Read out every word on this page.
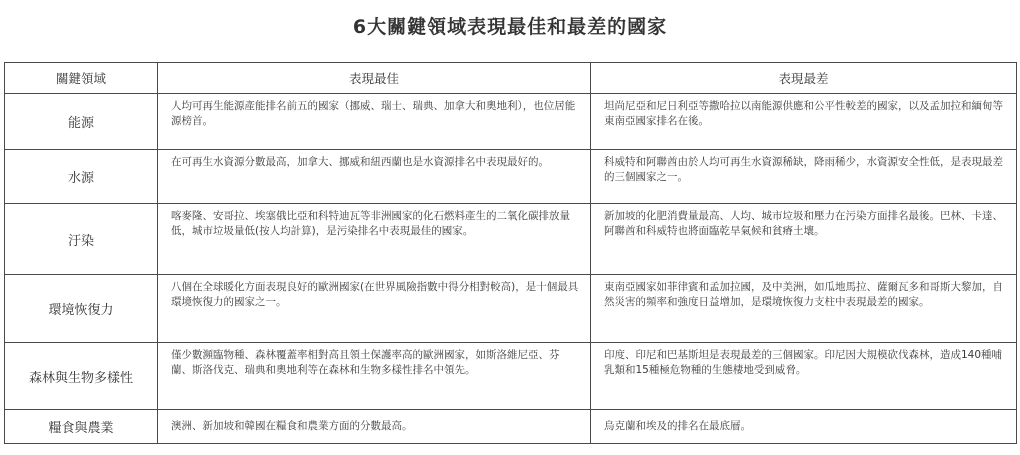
6大關鍵領域表現最佳和最差的國家
關鍵領域	表現最佳	表現最差
能源	人均可再生能源產能排名前五的國家（挪威、瑞士、瑞典、加拿大和奧地利），也位居能源榜首。	坦尚尼亞和尼日利亞等撒哈拉以南能源供應和公平性較差的國家，以及孟加拉和緬甸等東南亞國家排名在後。
水源	在可再生水資源分數最高，加拿大、挪威和紐西蘭也是水資源排名中表現最好的。	科威特和阿聯酋由於人均可再生水資源稀缺，降雨稀少，水資源安全性低，是表現最差的三個國家之一。
汙染	喀麥隆、安哥拉、埃塞俄比亞和科特迪瓦等非洲國家的化石燃料產生的二氧化碳排放量低，城市垃圾量低(按人均計算)，是污染排名中表現最佳的國家。	新加坡的化肥消費量最高、人均、城市垃圾和壓力在污染方面排名最後。巴林、卡達、阿聯酋和科威特也將面臨乾旱氣候和貧瘠土壤。
環境恢復力	八個在全球暖化方面表現良好的歐洲國家(在世界風險指數中得分相對較高)，是十個最具環境恢復力的國家之一。	東南亞國家如菲律賓和孟加拉國，及中美洲，如瓜地馬拉、薩爾瓦多和哥斯大黎加，自然災害的頻率和強度日益增加，是環境恢復力支柱中表現最差的國家。
森林與生物多樣性	僅少數瀕臨物種、森林覆蓋率相對高且領土保護率高的歐洲國家，如斯洛維尼亞、芬蘭、斯洛伐克、瑞典和奧地利等在森林和生物多樣性排名中領先。	印度、印尼和巴基斯坦是表現最差的三個國家。印尼因大規模砍伐森林，造成140種哺乳類和15種極危物種的生態棲地受到威脅。
糧食與農業	澳洲、新加坡和韓國在糧食和農業方面的分數最高。	烏克蘭和埃及的排名在最底層。
